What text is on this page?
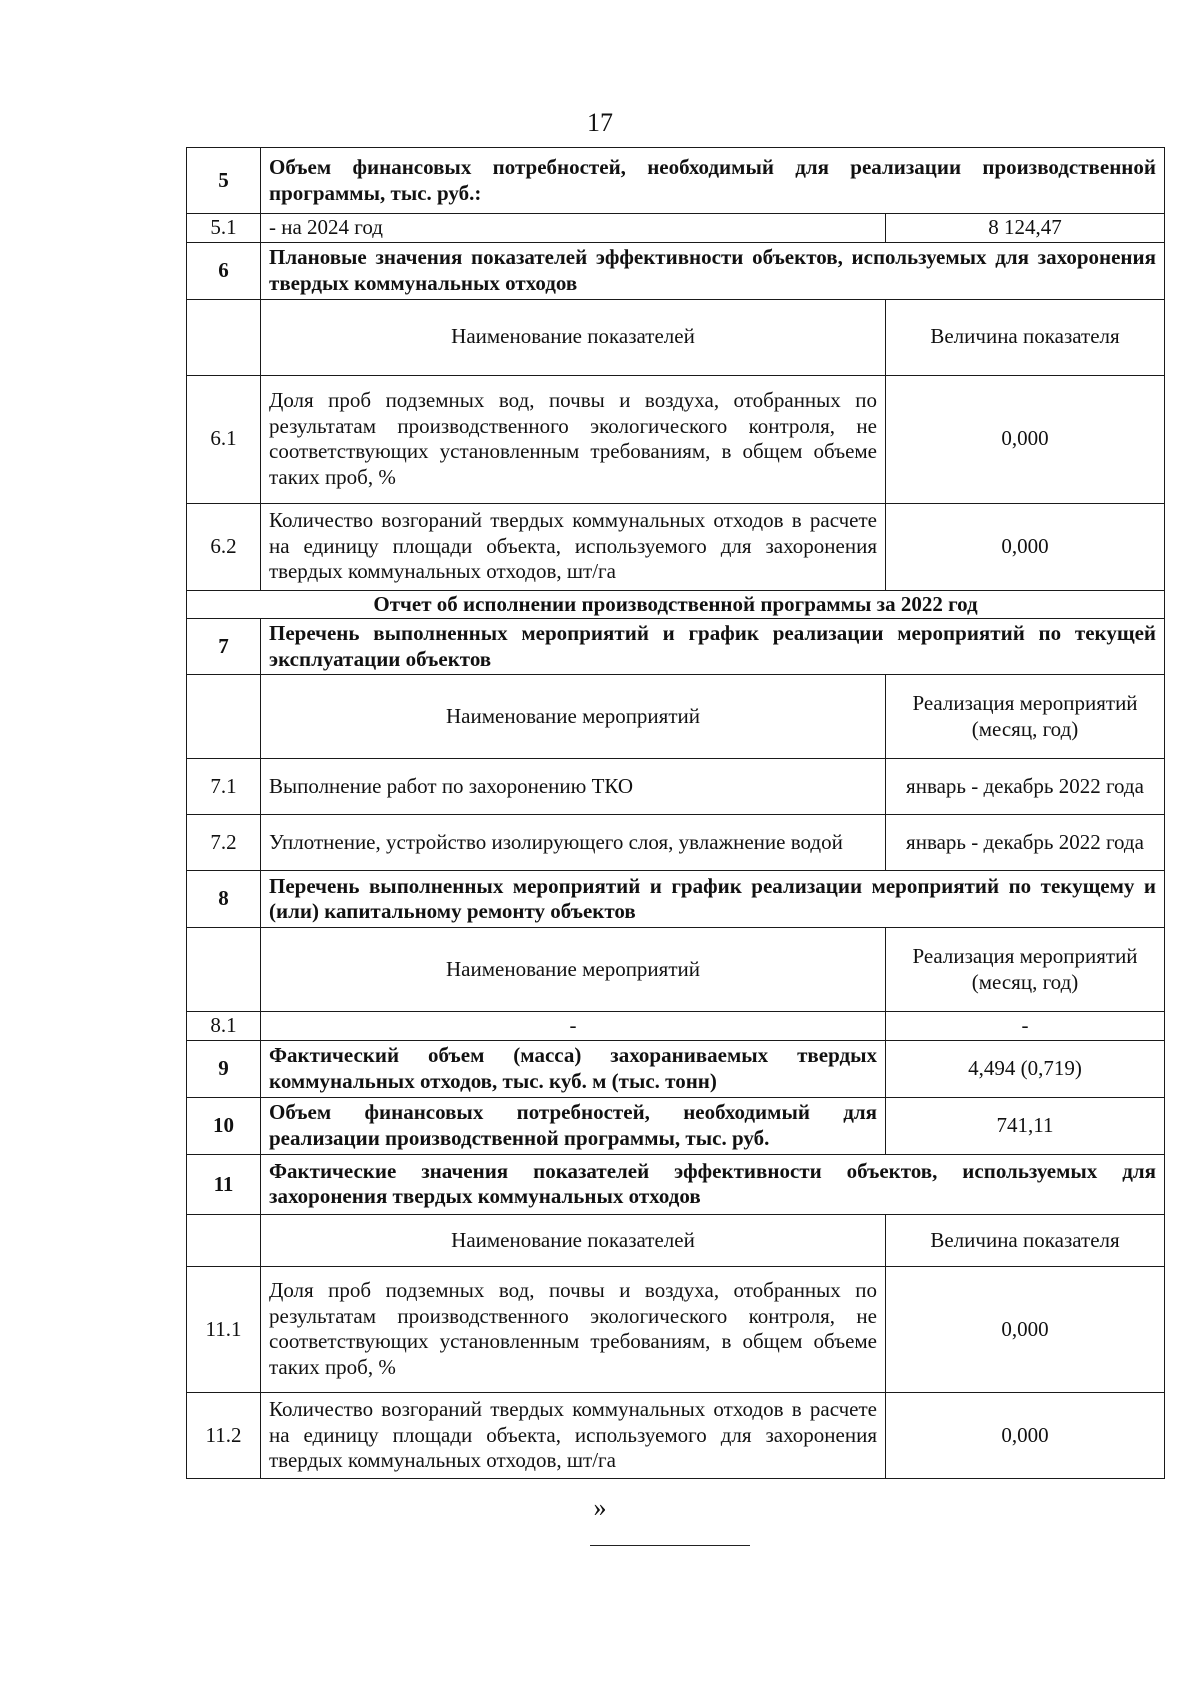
17
5	Объем финансовых потребностей, необходимый для реализации производственной программы, тыс. руб.:	
5.1	- на 2024 год	8 124,47
6	Плановые значения показателей эффективности объектов, используемых для захоронения твердых коммунальных отходов	
	Наименование показателей	Величина показателя
6.1	Доля проб подземных вод, почвы и воздуха, отобранных по результатам производственного экологического контроля, не соответствующих установленным требованиям, в общем объеме таких проб, %	0,000
6.2	Количество возгораний твердых коммунальных отходов в расчете на единицу площади объекта, используемого для захоронения твердых коммунальных отходов, шт/га	0,000
Отчет об исполнении производственной программы за 2022 год		
7	Перечень выполненных мероприятий и график реализации мероприятий по текущей эксплуатации объектов	
	Наименование мероприятий	Реализация мероприятий (месяц, год)
7.1	Выполнение работ по захоронению ТКО	январь - декабрь 2022 года
7.2	Уплотнение, устройство изолирующего слоя, увлажнение водой	январь - декабрь 2022 года
8	Перечень выполненных мероприятий и график реализации мероприятий по текущему и (или) капитальному ремонту объектов	
	Наименование мероприятий	Реализация мероприятий (месяц, год)
8.1	-	-
9	Фактический объем (масса) захораниваемых твердых коммунальных отходов, тыс. куб. м (тыс. тонн)	4,494 (0,719)
10	Объем финансовых потребностей, необходимый для реализации производственной программы, тыс. руб.	741,11
11	Фактические значения показателей эффективности объектов, используемых для захоронения твердых коммунальных отходов	
	Наименование показателей	Величина показателя
11.1	Доля проб подземных вод, почвы и воздуха, отобранных по результатам производственного экологического контроля, не соответствующих установленным требованиям, в общем объеме таких проб, %	0,000
11.2	Количество возгораний твердых коммунальных отходов в расчете на единицу площади объекта, используемого для захоронения твердых коммунальных отходов, шт/га	0,000
»
